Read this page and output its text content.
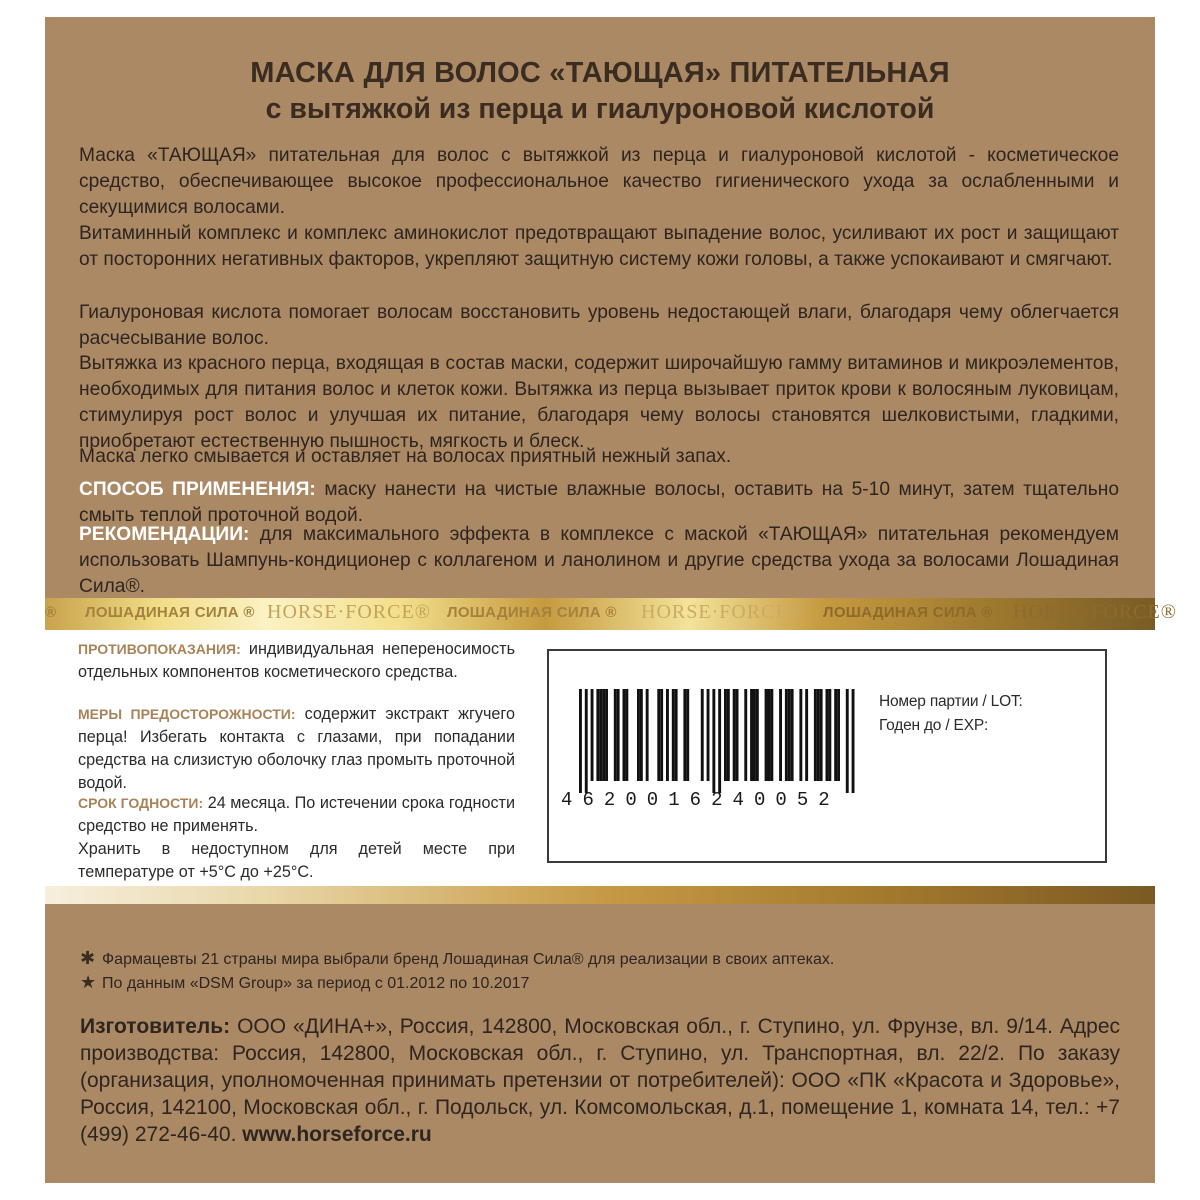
МАСКА ДЛЯ ВОЛОС «ТАЮЩАЯ» ПИТАТЕЛЬНАЯ
с вытяжкой из перца и гиалуроновой кислотой

Маска «ТАЮЩАЯ» питательная для волос с вытяжкой из перца и гиалуроновой кислотой - косметическое средство, обеспечивающее высокое профессиональное качество гигиенического ухода за ослабленными и секущимися волосами.

Витаминный комплекс и комплекс аминокислот предотвращают выпадение волос, усиливают их рост и защищают от посторонних негативных факторов, укрепляют защитную систему кожи головы, а также успокаивают и смягчают.

Гиалуроновая кислота помогает волосам восстановить уровень недостающей влаги, благодаря чему облегчается расчесывание волос.

Вытяжка из красного перца, входящая в состав маски, содержит широчайшую гамму витаминов и микроэлементов, необходимых для питания волос и клеток кожи. Вытяжка из перца вызывает приток крови к волосяным луковицам, стимулируя рост волос и улучшая их питание, благодаря чему волосы становятся шелковистыми, гладкими, приобретают естественную пышность, мягкость и блеск.

Маска легко смывается и оставляет на волосах приятный нежный запах.

СПОСОБ ПРИМЕНЕНИЯ: маску нанести на чистые влажные волосы, оставить на 5-10 минут, затем тщательно смыть теплой проточной водой.

РЕКОМЕНДАЦИИ: для максимального эффекта в комплексе с маской «ТАЮЩАЯ» питательная рекомендуем использовать Шампунь-кондиционер с коллагеном и ланолином и другие средства ухода за волосами Лошадиная Сила®.

® ЛОШАДИНАЯ СИЛА ® HORSE·FORCE® ЛОШАДИНАЯ СИЛА ® HORSE·FORCE® ЛОШАДИНАЯ СИЛА ® HORSE·FORCE®

ПРОТИВОПОКАЗАНИЯ: индивидуальная непереносимость отдельных компонентов косметического средства.

МЕРЫ ПРЕДОСТОРОЖНОСТИ: содержит экстракт жгучего перца! Избегать контакта с глазами, при попадании средства на слизистую оболочку глаз промыть проточной водой.

СРОК ГОДНОСТИ: 24 месяца. По истечении срока годности средство не применять.

Хранить в недоступном для детей месте при температуре от +5°С до +25°С.

4620016240052
Номер партии / LOT:
Годен до / EXP:
✱ Фармацевты 21 страны мира выбрали бренд Лошадиная Сила® для реализации в своих аптеках.
★ По данным «DSM Group» за период с 01.2012 по 10.2017

Изготовитель: ООО «ДИНА+», Россия, 142800, Московская обл., г. Ступино, ул. Фрунзе, вл. 9/14. Адрес производства: Россия, 142800, Московская обл., г. Ступино, ул. Транспортная, вл. 22/2. По заказу (организация, уполномоченная принимать претензии от потребителей): ООО «ПК «Красота и Здоровье», Россия, 142100, Московская обл., г. Подольск, ул. Комсомольская, д.1, помещение 1, комната 14, тел.: +7 (499) 272-46-40. www.horseforce.ru
